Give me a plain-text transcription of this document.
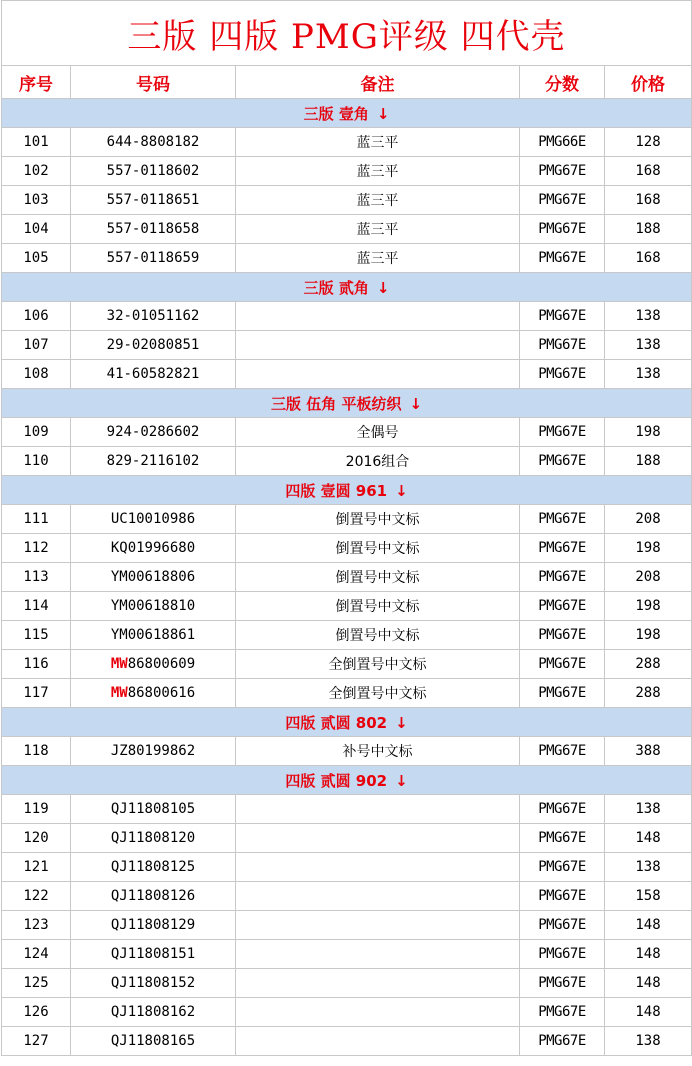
三版 四版 PMG评级 四代壳				
序号	号码	备注	分数	价格
三版 壹角 ↓				
101	644-8808182	蓝三平	PMG66E	128
102	557-0118602	蓝三平	PMG67E	168
103	557-0118651	蓝三平	PMG67E	168
104	557-0118658	蓝三平	PMG67E	188
105	557-0118659	蓝三平	PMG67E	168
三版 贰角 ↓				
106	32-01051162		PMG67E	138
107	29-02080851		PMG67E	138
108	41-60582821		PMG67E	138
三版 伍角 平板纺织 ↓				
109	924-0286602	全偶号	PMG67E	198
110	829-2116102	2016组合	PMG67E	188
四版 壹圆 961 ↓				
111	UC10010986	倒置号中文标	PMG67E	208
112	KQ01996680	倒置号中文标	PMG67E	198
113	YM00618806	倒置号中文标	PMG67E	208
114	YM00618810	倒置号中文标	PMG67E	198
115	YM00618861	倒置号中文标	PMG67E	198
116	MW86800609	全倒置号中文标	PMG67E	288
117	MW86800616	全倒置号中文标	PMG67E	288
四版 贰圆 802 ↓				
118	JZ80199862	补号中文标	PMG67E	388
四版 贰圆 902 ↓				
119	QJ11808105		PMG67E	138
120	QJ11808120		PMG67E	148
121	QJ11808125		PMG67E	138
122	QJ11808126		PMG67E	158
123	QJ11808129		PMG67E	148
124	QJ11808151		PMG67E	148
125	QJ11808152		PMG67E	148
126	QJ11808162		PMG67E	148
127	QJ11808165		PMG67E	138
